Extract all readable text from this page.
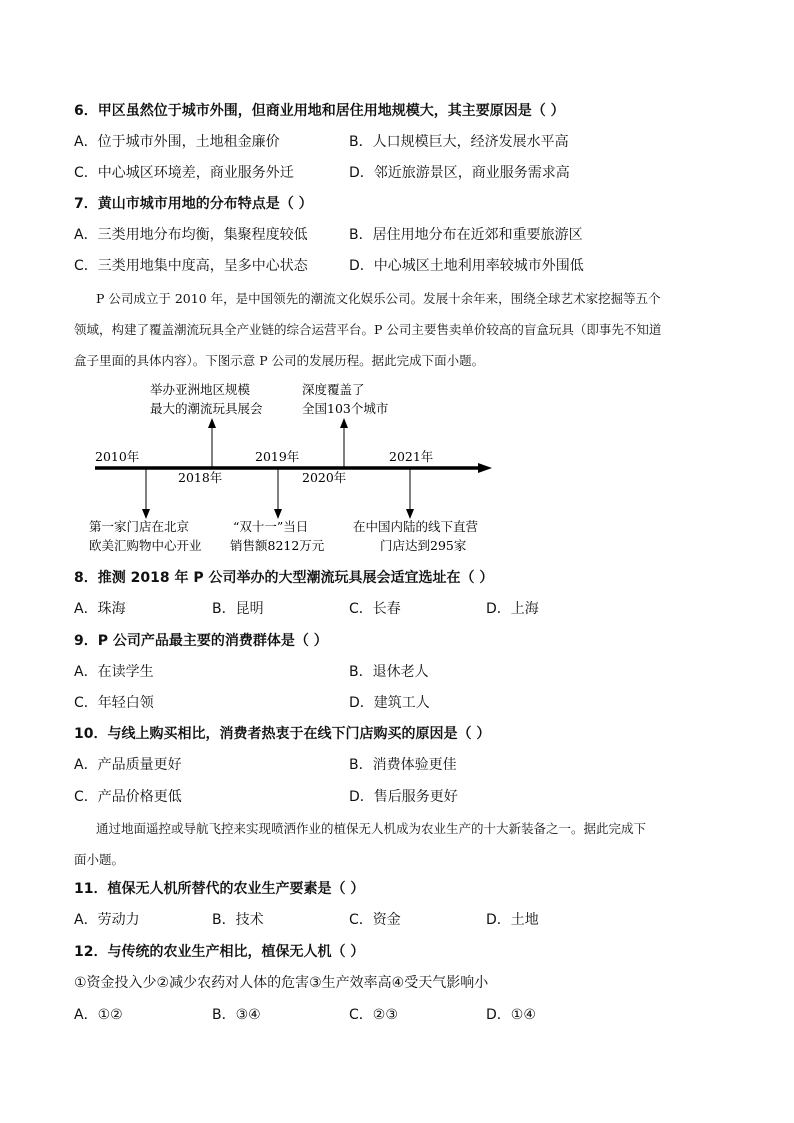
6．甲区虽然位于城市外围，但商业用地和居住用地规模大，其主要原因是（ ）
A．位于城市外围，土地租金廉价	B．人口规模巨大，经济发展水平高
C．中心城区环境差，商业服务外迁	D．邻近旅游景区，商业服务需求高
7．黄山市城市用地的分布特点是（ ）
A．三类用地分布均衡，集聚程度较低	B．居住用地分布在近郊和重要旅游区
C．三类用地集中度高，呈多中心状态	D．中心城区土地利用率较城市外围低
P 公司成立于 2010 年，是中国领先的潮流文化娱乐公司。发展十余年来，围绕全球艺术家挖掘等五个
领域，构建了覆盖潮流玩具全产业链的综合运营平台。P 公司主要售卖单价较高的盲盒玩具（即事先不知道
盒子里面的具体内容）。下图示意 P 公司的发展历程。据此完成下面小题。
2010年
2018年
2019年
2020年
2021年
举办亚洲地区规模
最大的潮流玩具展会
深度覆盖了
全国103个城市
第一家门店在北京
欧美汇购物中心开业
“双十一”当日
销售额8212万元
在中国内陆的线下直营
门店达到295家
8．推测 2018 年 P 公司举办的大型潮流玩具展会适宜选址在（ ）
A．珠海	B．昆明	C．长春	D．上海
9．P 公司产品最主要的消费群体是（ ）
A．在读学生	B．退休老人
C．年轻白领	D．建筑工人
10．与线上购买相比，消费者热衷于在线下门店购买的原因是（ ）
A．产品质量更好	B．消费体验更佳
C．产品价格更低	D．售后服务更好
通过地面遥控或导航飞控来实现喷洒作业的植保无人机成为农业生产的十大新装备之一。据此完成下
面小题。
11．植保无人机所替代的农业生产要素是（ ）
A．劳动力	B．技术	C．资金	D．土地
12．与传统的农业生产相比，植保无人机（ ）
①资金投入少②减少农药对人体的危害③生产效率高④受天气影响小
A．①②	B．③④	C．②③	D．①④
